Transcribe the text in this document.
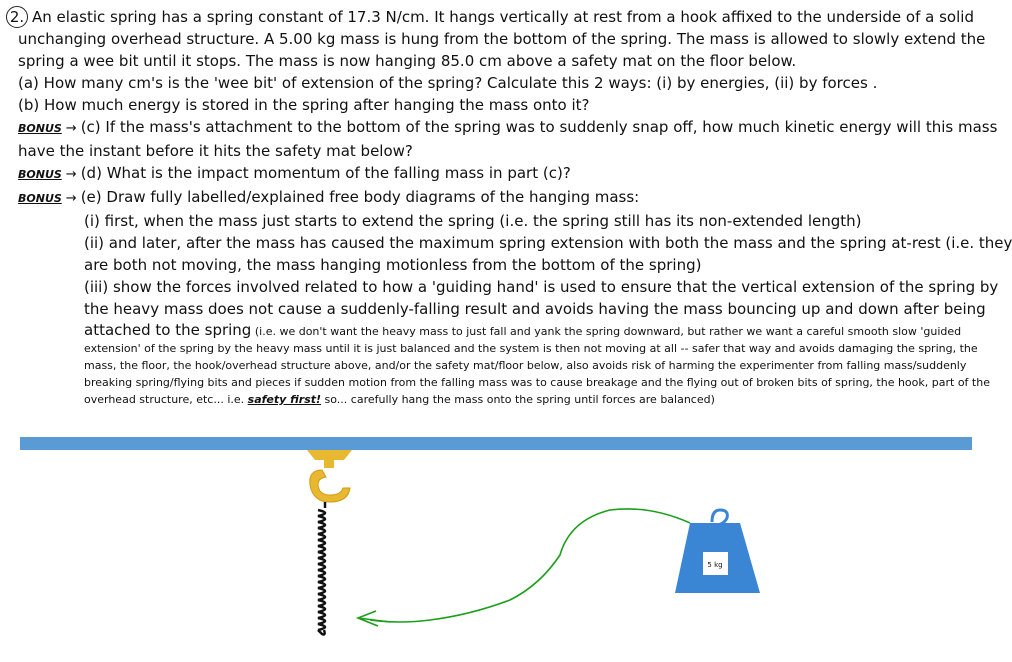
2. An elastic spring has a spring constant of 17.3 N/cm. It hangs vertically at rest from a hook affixed to the underside of a solid
unchanging overhead structure. A 5.00 kg mass is hung from the bottom of the spring. The mass is allowed to slowly extend the
spring a wee bit until it stops. The mass is now hanging 85.0 cm above a safety mat on the floor below.
(a) How many cm's is the 'wee bit' of extension of the spring? Calculate this 2 ways: (i) by energies, (ii) by forces .
(b) How much energy is stored in the spring after hanging the mass onto it?
BONUS → (c) If the mass's attachment to the bottom of the spring was to suddenly snap off, how much kinetic energy will this mass
have the instant before it hits the safety mat below?
BONUS → (d) What is the impact momentum of the falling mass in part (c)?
BONUS → (e) Draw fully labelled/explained free body diagrams of the hanging mass:
(i) first, when the mass just starts to extend the spring (i.e. the spring still has its non-extended length)
(ii) and later, after the mass has caused the maximum spring extension with both the mass and the spring at-rest (i.e. they
are both not moving, the mass hanging motionless from the bottom of the spring)
(iii) show the forces involved related to how a 'guiding hand' is used to ensure that the vertical extension of the spring by
the heavy mass does not cause a suddenly-falling result and avoids having the mass bouncing up and down after being
attached to the spring (i.e. we don't want the heavy mass to just fall and yank the spring downward, but rather we want a careful smooth slow 'guided extension' of the spring by the heavy mass until it is just balanced and the system is then not moving at all -- safer that way and avoids damaging the spring, the mass, the floor, the hook/overhead structure above, and/or the safety mat/floor below, also avoids risk of harming the experimenter from falling mass/suddenly breaking spring/flying bits and pieces if sudden motion from the falling mass was to cause breakage and the flying out of broken bits of spring, the hook, part of the overhead structure, etc... i.e. safety first! so... carefully hang the mass onto the spring until forces are balanced)
5 kg
